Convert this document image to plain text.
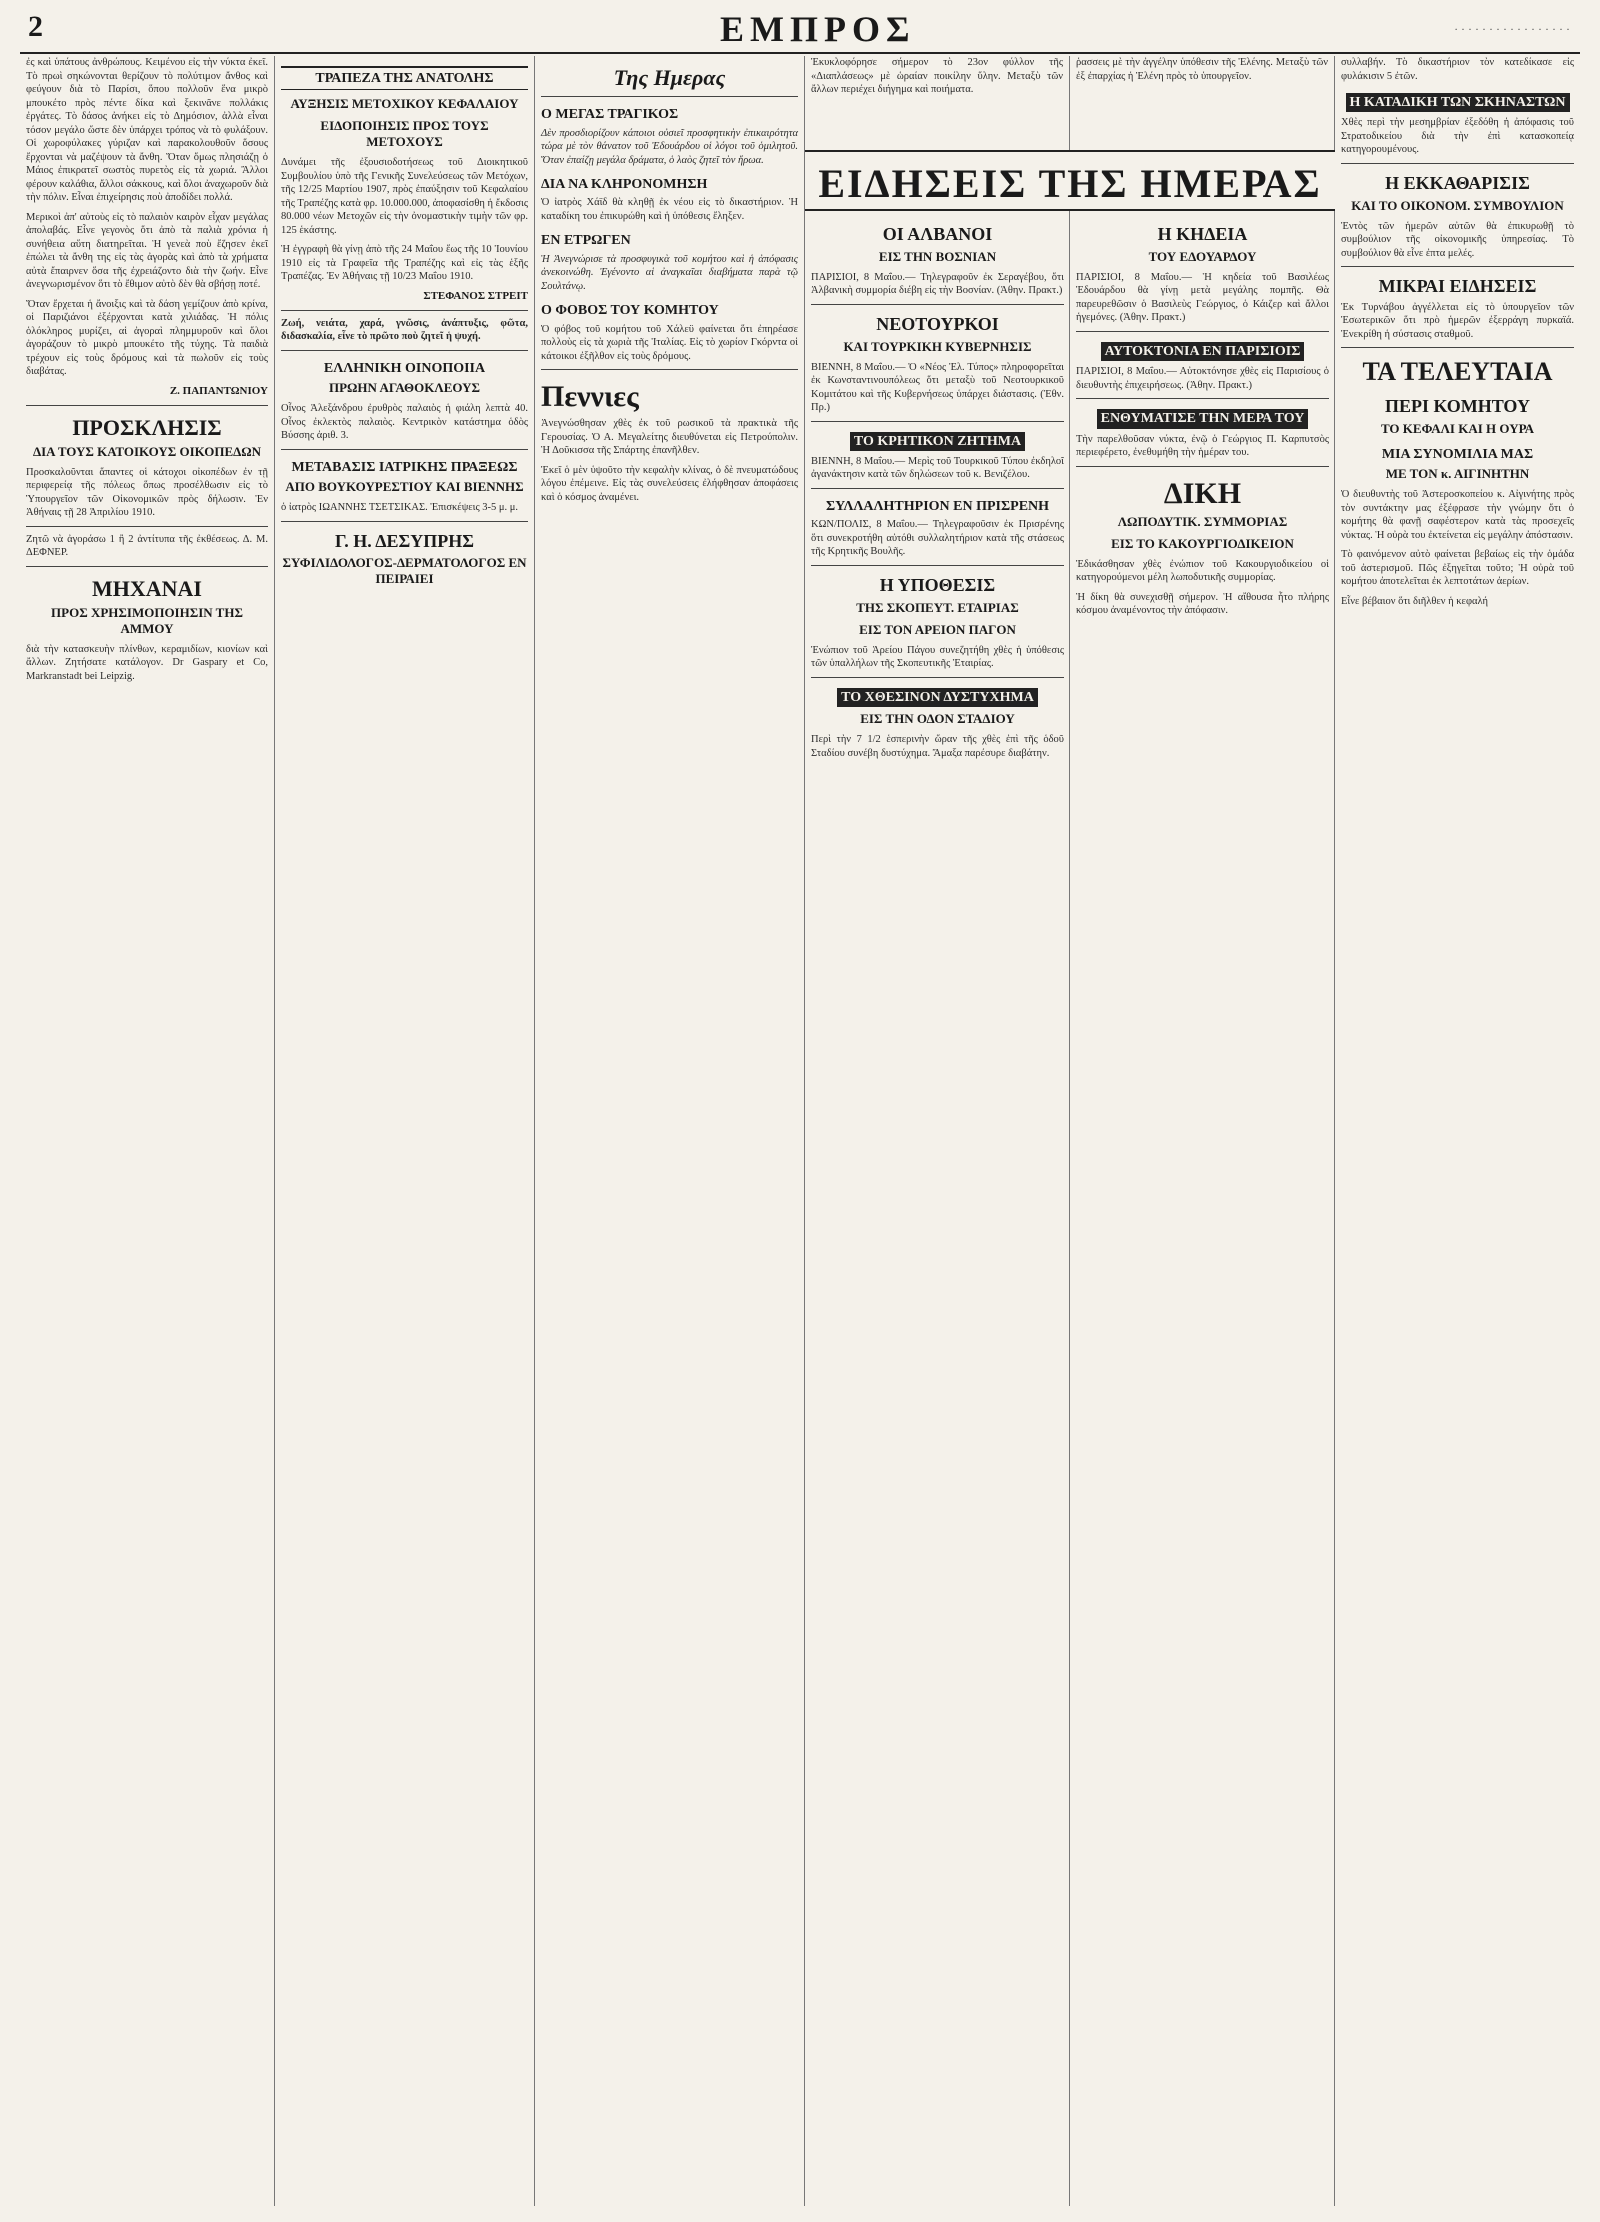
2	ΕΜΠΡΟΣ	· · · · · · · · · · · · · · · · ·

ἐς καὶ ὑπάτους ἀνθρώπους. Κειμένου εἰς τὴν νύκτα ἐκεῖ. Τὸ πρωὶ σηκώνονται θερίζουν τὸ πολύτιμον ἄνθος καὶ φεύγουν διὰ τὸ Παρίσι, ὅπου πολλοῦν ἕνα μικρὸ μπουκέτο πρὸς πέντε δίκα καὶ ξεκινᾶνε πολλάκις ἐργάτες. Τὸ δάσος ἀνήκει εἰς τὸ Δημόσιον, ἀλλὰ εἶναι τόσον μεγάλο ὥστε δὲν ὑπάρχει τρόπος νὰ τὸ φυλάξουν. Οἱ χωροφύλακες γύριζαν καὶ παρακολουθοῦν ὅσους ἔρχονται νὰ μαζέψουν τὰ ἄνθη. Ὅταν ὅμως πλησιάζῃ ὁ Μάιος ἐπικρατεῖ σωστὸς πυρετὸς εἰς τὰ χωριά. Ἄλλοι φέρουν καλάθια, ἄλλοι σάκκους, καὶ ὅλοι ἀναχωροῦν διὰ τὴν πόλιν. Εἶναι ἐπιχείρησις ποὺ ἀποδίδει πολλά.

Μερικοὶ ἀπ' αὐτοὺς εἰς τὸ παλαιὸν καιρὸν εἶχαν μεγάλας ἀπολαβάς. Εἶνε γεγονὸς ὅτι ἀπὸ τὰ παλιὰ χρόνια ἡ συνήθεια αὕτη διατηρεῖται. Ἡ γενεὰ ποὺ ἔζησεν ἐκεῖ ἐπώλει τὰ ἄνθη της εἰς τὰς ἀγορὰς καὶ ἀπὸ τὰ χρήματα αὐτὰ ἔπαιρνεν ὅσα τῆς ἐχρειάζοντο διὰ τὴν ζωήν. Εἶνε ἀνεγνωρισμένον ὅτι τὸ ἔθιμον αὐτὸ δὲν θὰ σβήσῃ ποτέ.

Ὅταν ἔρχεται ἡ ἄνοιξις καὶ τὰ δάση γεμίζουν ἀπὸ κρίνα, οἱ Παριζιάνοι ἐξέρχονται κατὰ χιλιάδας. Ἡ πόλις ὁλόκληρος μυρίζει, αἱ ἀγοραὶ πλημμυροῦν καὶ ὅλοι ἀγοράζουν τὸ μικρὸ μπουκέτο τῆς τύχης. Τὰ παιδιὰ τρέχουν εἰς τοὺς δρόμους καὶ τὰ πωλοῦν εἰς τοὺς διαβάτας.

Ζ. ΠΑΠΑΝΤΩΝΙΟΥ
ΠΡΟΣΚΛΗΣΙΣ
ΔΙΑ ΤΟΥΣ ΚΑΤΟΙΚΟΥΣ ΟΙΚΟΠΕΔΩΝ

Προσκαλοῦνται ἅπαντες οἱ κάτοχοι οἰκοπέδων ἐν τῇ περιφερείᾳ τῆς πόλεως ὅπως προσέλθωσιν εἰς τὸ Ὑπουργεῖον τῶν Οἰκονομικῶν πρὸς δήλωσιν. Ἐν Ἀθήναις τῇ 28 Ἀπριλίου 1910.

Ζητῶ νὰ ἀγοράσω 1 ἢ 2 ἀντίτυπα τῆς ἐκθέσεως. Δ. Μ. ΔΕΦΝΕΡ.

ΜΗΧΑΝΑΙ
ΠΡΟΣ ΧΡΗΣΙΜΟΠΟΙΗΣΙΝ ΤΗΣ ΑΜΜΟΥ

διὰ τὴν κατασκευὴν πλίνθων, κεραμιδίων, κιονίων καὶ ἄλλων. Ζητήσατε κατάλογον. Dr Gaspary et Co, Markranstadt bei Leipzig.

ΤΡΑΠΕΖΑ ΤΗΣ ΑΝΑΤΟΛΗΣ
ΑΥΞΗΣΙΣ ΜΕΤΟΧΙΚΟΥ ΚΕΦΑΛΑΙΟΥ
ΕΙΔΟΠΟΙΗΣΙΣ ΠΡΟΣ ΤΟΥΣ ΜΕΤΟΧΟΥΣ

Δυνάμει τῆς ἐξουσιοδοτήσεως τοῦ Διοικητικοῦ Συμβουλίου ὑπὸ τῆς Γενικῆς Συνελεύσεως τῶν Μετόχων, τῆς 12/25 Μαρτίου 1907, πρὸς ἐπαύξησιν τοῦ Κεφαλαίου τῆς Τραπέζης κατὰ φρ. 10.000.000, ἀποφασίσθη ἡ ἔκδοσις 80.000 νέων Μετοχῶν εἰς τὴν ὀνομαστικὴν τιμὴν τῶν φρ. 125 ἑκάστης.

Ἡ ἐγγραφὴ θὰ γίνῃ ἀπὸ τῆς 24 Μαΐου ἕως τῆς 10 Ἰουνίου 1910 εἰς τὰ Γραφεῖα τῆς Τραπέζης καὶ εἰς τὰς ἑξῆς Τραπέζας. Ἐν Ἀθήναις τῇ 10/23 Μαΐου 1910.

ΣΤΕΦΑΝΟΣ ΣΤΡΕΙΤ

Ζωή, νειάτα, χαρά, γνῶσις, ἀνάπτυξις, φῶτα, διδασκαλία, εἶνε τὸ πρῶτο ποὺ ζητεῖ ἡ ψυχή.

ΕΛΛΗΝΙΚΗ ΟΙΝΟΠΟΙΙΑ
ΠΡΩΗΝ ΑΓΑΘΟΚΛΕΟΥΣ

Οἶνος Ἀλεξάνδρου ἐρυθρὸς παλαιὸς ἡ φιάλη λεπτὰ 40. Οἶνος ἐκλεκτὸς παλαιὸς. Κεντρικὸν κατάστημα ὁδὸς Βύσσης ἀριθ. 3.

ΜΕΤΑΒΑΣΙΣ ΙΑΤΡΙΚΗΣ ΠΡΑΞΕΩΣ
ΑΠΟ ΒΟΥΚΟΥΡΕΣΤΙΟΥ ΚΑΙ ΒΙΕΝΝΗΣ

ὁ ἰατρὸς ΙΩΑΝΝΗΣ ΤΣΕΤΣΙΚΑΣ. Ἐπισκέψεις 3-5 μ. μ.

Γ. Η. ΔΕΣΥΠΡΗΣ
ΣΥΦΙΛΙΔΟΛΟΓΟΣ-ΔΕΡΜΑΤΟΛΟΓΟΣ ΕΝ ΠΕΙΡΑΙΕΙ
Της Ημερας
Ο ΜΕΓΑΣ ΤΡΑΓΙΚΟΣ

Δὲν προσδιορίζουν κάποιοι οὐσιεῖ προσφητικὴν ἐπικαιρότητα τώρα μὲ τὸν θάνατον τοῦ Ἐδουάρδου οἱ λόγοι τοῦ ὁμιλητοῦ. Ὅταν ἐπαίζῃ μεγάλα δράματα, ὁ λαὸς ζητεῖ τὸν ἥρωα.

ΔΙΑ ΝΑ ΚΛΗΡΟΝΟΜΗΣΗ

Ὁ ἰατρὸς Χάϊδ θὰ κληθῇ ἐκ νέου εἰς τὸ δικαστήριον. Ἡ καταδίκη του ἐπικυρώθη καὶ ἡ ὑπόθεσις ἔληξεν.

ΕΝ ΕΤΡΩΓΕΝ

Ἡ Ἀνεγνώρισε τὰ προσφυγικὰ τοῦ κομήτου καὶ ἡ ἀπόφασις ἀνεκοινώθη. Ἐγένοντο αἱ ἀναγκαῖαι διαβήματα παρὰ τῷ Σουλτάνῳ.

Ο ΦΟΒΟΣ ΤΟΥ ΚΟΜΗΤΟΥ

Ὁ φόβος τοῦ κομήτου τοῦ Χάλεϋ φαίνεται ὅτι ἐπηρέασε πολλοὺς εἰς τὰ χωριὰ τῆς Ἰταλίας. Εἰς τὸ χωρίον Γκόρντα οἱ κάτοικοι ἐξῆλθον εἰς τοὺς δρόμους.

Πεννιες

Ἀνεγνώσθησαν χθὲς ἐκ τοῦ ρωσικοῦ τὰ πρακτικὰ τῆς Γερουσίας. Ὁ Α. Μεγαλείτης διευθύνεται εἰς Πετρούπολιν. Ἡ Δοῦκισσα τῆς Σπάρτης ἐπανῆλθεν.

Ἐκεῖ ὁ μὲν ὑψοῦτο τὴν κεφαλὴν κλίνας, ὁ δὲ πνευματώδους λόγου ἐπέμεινε. Εἰς τὰς συνελεύσεις ἐλήφθησαν ἀποφάσεις καὶ ὁ κόσμος ἀναμένει.

Ἐκυκλοφόρησε σήμερον τὸ 23ον φύλλον τῆς «Διαπλάσεως» μὲ ὡραίαν ποικίλην ὕλην. Μεταξὺ τῶν ἄλλων περιέχει διήγημα καὶ ποιήματα.

ῥασσεις μὲ τὴν ἀγγέλην ὑπόθεσιν τῆς Ἑλένης. Μεταξὺ τῶν ἐξ ἐπαρχίας ἡ Ἑλένη πρὸς τὸ ὑπουργεῖον.

ΕΙΔΗΣΕΙΣ ΤΗΣ ΗΜΕΡΑΣ
ΟΙ ΑΛΒΑΝΟΙ
ΕΙΣ ΤΗΝ ΒΟΣΝΙΑΝ

ΠΑΡΙΣΙΟΙ, 8 Μαΐου.— Τηλεγραφοῦν ἐκ Σεραγέβου, ὅτι Ἀλβανικὴ συμμορία διέβη εἰς τὴν Βοσνίαν. (Ἀθην. Πρακτ.)

ΝΕΟΤΟΥΡΚΟΙ
ΚΑΙ ΤΟΥΡΚΙΚΗ ΚΥΒΕΡΝΗΣΙΣ

ΒΙΕΝΝΗ, 8 Μαΐου.— Ὁ «Νέος Ἐλ. Τύπος» πληροφορεῖται ἐκ Κωνσταντινουπόλεως ὅτι μεταξὺ τοῦ Νεοτουρκικοῦ Κομιτάτου καὶ τῆς Κυβερνήσεως ὑπάρχει διάστασις. (Ἐθν. Πρ.)

ΤΟ ΚΡΗΤΙΚΟΝ ΖΗΤΗΜΑ

ΒΙΕΝΝΗ, 8 Μαΐου.— Μερὶς τοῦ Τουρκικοῦ Τύπου ἐκδηλοῖ ἀγανάκτησιν κατὰ τῶν δηλώσεων τοῦ κ. Βενιζέλου.

ΣΥΛΛΑΛΗΤΗΡΙΟΝ ΕΝ ΠΡΙΣΡΕΝΗ

ΚΩΝ/ΠΟΛΙΣ, 8 Μαΐου.— Τηλεγραφοῦσιν ἐκ Πρισρένης ὅτι συνεκροτήθη αὐτόθι συλλαλητήριον κατὰ τῆς στάσεως τῆς Κρητικῆς Βουλῆς.

Η ΥΠΟΘΕΣΙΣ
ΤΗΣ ΣΚΟΠΕΥΤ. ΕΤΑΙΡΙΑΣ
ΕΙΣ ΤΟΝ ΑΡΕΙΟΝ ΠΑΓΟΝ

Ἐνώπιον τοῦ Ἀρείου Πάγου συνεζητήθη χθὲς ἡ ὑπόθεσις τῶν ὑπαλλήλων τῆς Σκοπευτικῆς Ἑταιρίας.

ΤΟ ΧΘΕΣΙΝΟΝ ΔΥΣΤΥΧΗΜΑ
ΕΙΣ ΤΗΝ ΟΔΟΝ ΣΤΑΔΙΟΥ

Περὶ τὴν 7 1/2 ἑσπερινὴν ὥραν τῆς χθὲς ἐπὶ τῆς ὁδοῦ Σταδίου συνέβη δυστύχημα. Ἄμαξα παρέσυρε διαβάτην.

Η ΚΗΔΕΙΑ
ΤΟΥ ΕΔΟΥΑΡΔΟΥ

ΠΑΡΙΣΙΟΙ, 8 Μαΐου.— Ἡ κηδεία τοῦ Βασιλέως Ἐδουάρδου θὰ γίνῃ μετὰ μεγάλης πομπῆς. Θὰ παρευρεθῶσιν ὁ Βασιλεὺς Γεώργιος, ὁ Κάιζερ καὶ ἄλλοι ἡγεμόνες. (Ἀθην. Πρακτ.)

ΑΥΤΟΚΤΟΝΙΑ ΕΝ ΠΑΡΙΣΙΟΙΣ

ΠΑΡΙΣΙΟΙ, 8 Μαΐου.— Αὐτοκτόνησε χθὲς εἰς Παρισίους ὁ διευθυντὴς ἐπιχειρήσεως. (Ἀθην. Πρακτ.)

ΕΝΘΥΜΑΤΙΣΕ ΤΗΝ ΜΕΡΑ ΤΟΥ

Τὴν παρελθοῦσαν νύκτα, ἐνῷ ὁ Γεώργιος Π. Καρπυτσὸς περιεφέρετο, ἐνεθυμήθη τὴν ἡμέραν του.

ΔΙΚΗ
ΛΩΠΟΔΥΤΙΚ. ΣΥΜΜΟΡΙΑΣ
ΕΙΣ ΤΟ ΚΑΚΟΥΡΓΙΟΔΙΚΕΙΟΝ

Ἐδικάσθησαν χθὲς ἐνώπιον τοῦ Κακουργιοδικείου οἱ κατηγορούμενοι μέλη λωποδυτικῆς συμμορίας.

Ἡ δίκη θὰ συνεχισθῇ σήμερον. Ἡ αἴθουσα ἦτο πλήρης κόσμου ἀναμένοντος τὴν ἀπόφασιν.

συλλαβήν. Τὸ δικαστήριον τὸν κατεδίκασε εἰς φυλάκισιν 5 ἐτῶν.

Η ΚΑΤΑΔΙΚΗ ΤΩΝ ΣΚΗΝΑΣΤΩΝ

Χθὲς περὶ τὴν μεσημβρίαν ἐξεδόθη ἡ ἀπόφασις τοῦ Στρατοδικείου διὰ τὴν ἐπὶ κατασκοπείᾳ κατηγορουμένους.

Η ΕΚΚΑΘΑΡΙΣΙΣ
ΚΑΙ ΤΟ ΟΙΚΟΝΟΜ. ΣΥΜΒΟΥΛΙΟΝ

Ἐντὸς τῶν ἡμερῶν αὐτῶν θὰ ἐπικυρωθῇ τὸ συμβούλιον τῆς οἰκονομικῆς ὑπηρεσίας. Τὸ συμβούλιον θὰ εἶνε ἐπτα μελές.

ΜΙΚΡΑΙ ΕΙΔΗΣΕΙΣ

Ἐκ Τυρνάβου ἀγγέλλεται εἰς τὸ ὑπουργεῖον τῶν Ἐσωτερικῶν ὅτι πρὸ ἡμερῶν ἐξερράγη πυρκαϊά. Ἐνεκρίθη ἡ σύστασις σταθμοῦ.

ΤΑ ΤΕΛΕΥΤΑΙΑ
ΠΕΡΙ ΚΟΜΗΤΟΥ
ΤΟ ΚΕΦΑΛΙ ΚΑΙ Η ΟΥΡΑ
ΜΙΑ ΣΥΝΟΜΙΛΙΑ ΜΑΣ
ΜΕ ΤΟΝ κ. ΑΙΓΙΝΗΤΗΝ

Ὁ διευθυντὴς τοῦ Ἀστεροσκοπείου κ. Αἰγινήτης πρὸς τὸν συντάκτην μας ἐξέφρασε τὴν γνώμην ὅτι ὁ κομήτης θὰ φανῇ σαφέστερον κατὰ τὰς προσεχεῖς νύκτας. Ἡ οὐρὰ του ἐκτείνεται εἰς μεγάλην ἀπόστασιν.

Τὸ φαινόμενον αὐτὸ φαίνεται βεβαίως εἰς τὴν ὁμάδα τοῦ ἀστερισμοῦ. Πῶς ἐξηγεῖται τοῦτο; Ἡ οὐρὰ τοῦ κομήτου ἀποτελεῖται ἐκ λεπτοτάτων ἀερίων.

Εἶνε βέβαιον ὅτι διῆλθεν ἡ κεφαλή
